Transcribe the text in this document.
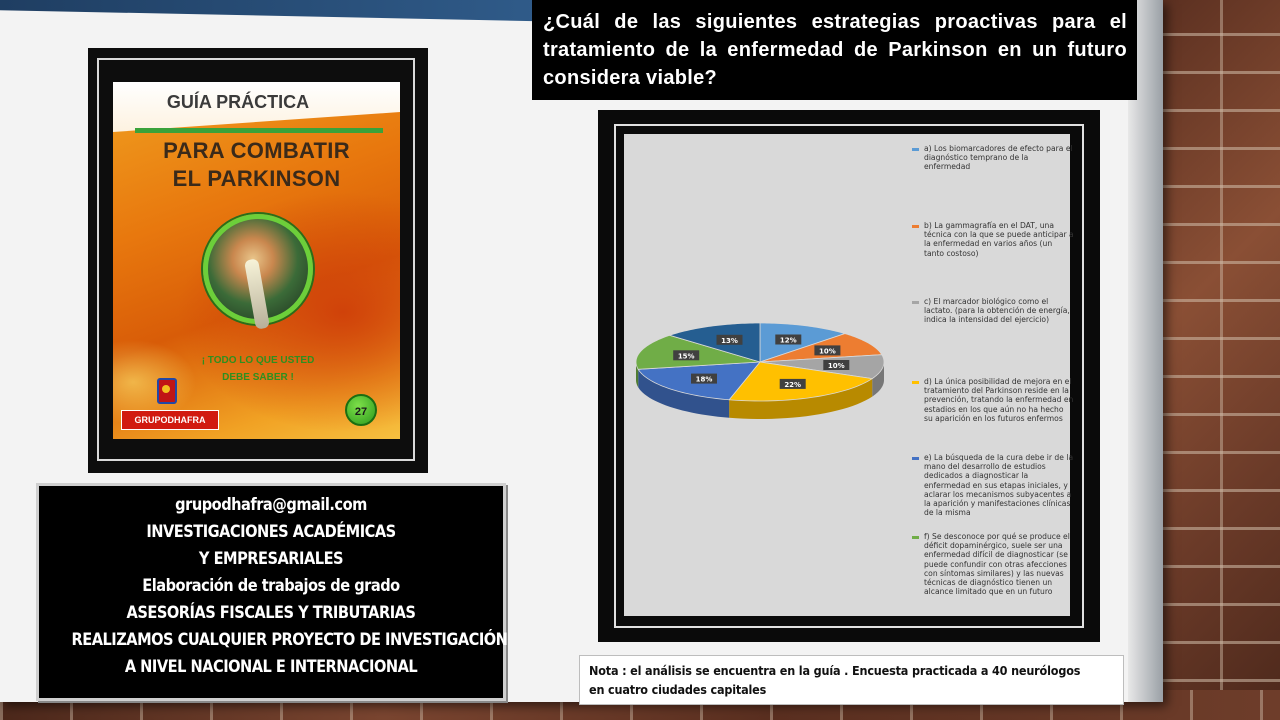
GUÍA PRÁCTICA
PARA COMBATIR
EL PARKINSON
¡ TODO LO QUE USTED
DEBE SABER !
GRUPODHAFRA
27
grupodhafra@gmail.com
INVESTIGACIONES ACADÉMICAS
Y EMPRESARIALES
Elaboración de trabajos de grado
ASESORÍAS FISCALES Y TRIBUTARIAS
REALIZAMOS CUALQUIER PROYECTO DE INVESTIGACIÓN
A NIVEL NACIONAL E INTERNACIONAL
¿Cuál de las siguientes estrategias proactivas para el tratamiento de la enfermedad de Parkinson en un futuro considera viable?
12%
10%
10%
22%
18%
15%
13%
a) Los biomarcadores de efecto para el diagnóstico temprano de la enfermedad
b) La gammagrafía en el DAT, una técnica con la que se puede anticipar a la enfermedad en varios años (un tanto costoso)
c) El marcador biológico como el lactato. (para la obtención de energía, indica la intensidad del ejercicio)
d) La única posibilidad de mejora en el tratamiento del Parkinson reside en la prevención, tratando la enfermedad en estadios en los que aún no ha hecho su aparición en los futuros enfermos
e) La búsqueda de la cura debe ir de la mano del desarrollo de estudios dedicados a diagnosticar la enfermedad en sus etapas iniciales, y aclarar los mecanismos subyacentes a la aparición y manifestaciones clínicas de la misma
f) Se desconoce por qué se produce el déficit dopaminérgico, suele ser una enfermedad difícil de diagnosticar (se puede confundir con otras afecciones con síntomas similares) y las nuevas técnicas de diagnóstico tienen un alcance limitado que en un futuro
Nota : el análisis se encuentra en la guía . Encuesta practicada a 40 neurólogos
en cuatro ciudades capitales
